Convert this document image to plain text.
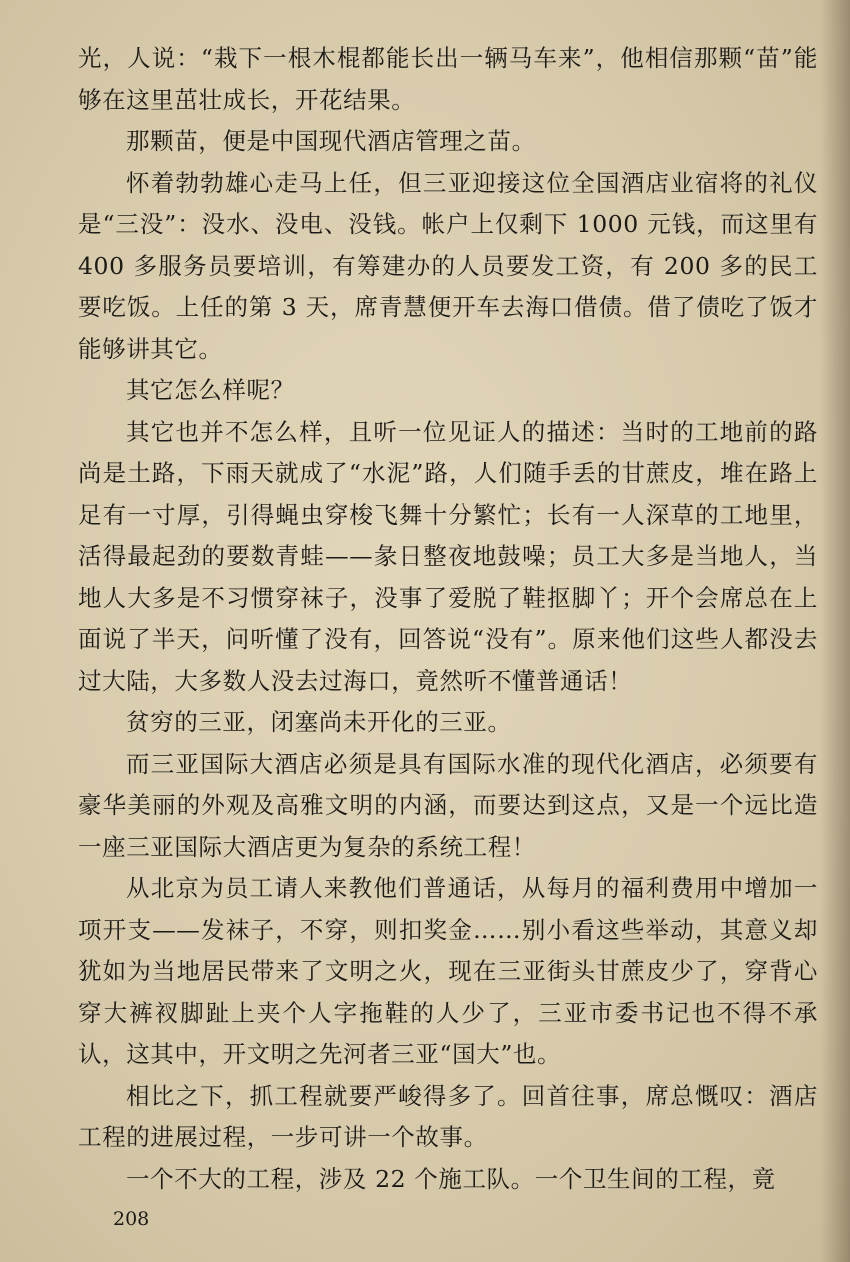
光，人说：“栽下一根木棍都能长出一辆马车来”，他相信那颗“苗”能够在这里茁壮成长，开花结果。

那颗苗，便是中国现代酒店管理之苗。

怀着勃勃雄心走马上任，但三亚迎接这位全国酒店业宿将的礼仪是“三没”：没水、没电、没钱。帐户上仅剩下 1000 元钱，而这里有 400 多服务员要培训，有筹建办的人员要发工资，有 200 多的民工要吃饭。上任的第 3 天，席青慧便开车去海口借债。借了债吃了饭才能够讲其它。

其它怎么样呢？

其它也并不怎么样，且听一位见证人的描述：当时的工地前的路尚是土路，下雨天就成了“水泥”路，人们随手丢的甘蔗皮，堆在路上足有一寸厚，引得蝇虫穿梭飞舞十分繁忙；长有一人深草的工地里，活得最起劲的要数青蛙——彖日整夜地鼓噪；员工大多是当地人，当地人大多是不习惯穿袜子，没事了爱脱了鞋抠脚丫；开个会席总在上面说了半天，问听懂了没有，回答说“没有”。原来他们这些人都没去过大陆，大多数人没去过海口，竟然听不懂普通话！

贫穷的三亚，闭塞尚未开化的三亚。

而三亚国际大酒店必须是具有国际水准的现代化酒店，必须要有豪华美丽的外观及高雅文明的内涵，而要达到这点，又是一个远比造一座三亚国际大酒店更为复杂的系统工程！

从北京为员工请人来教他们普通话，从每月的福利费用中增加一项开支——发袜子，不穿，则扣奖金……别小看这些举动，其意义却犹如为当地居民带来了文明之火，现在三亚街头甘蔗皮少了，穿背心穿大裤衩脚趾上夹个人字拖鞋的人少了，三亚市委书记也不得不承认，这其中，开文明之先河者三亚“国大”也。

相比之下，抓工程就要严峻得多了。回首往事，席总慨叹：酒店工程的进展过程，一步可讲一个故事。

一个不大的工程，涉及 22 个施工队。一个卫生间的工程，竟

208
